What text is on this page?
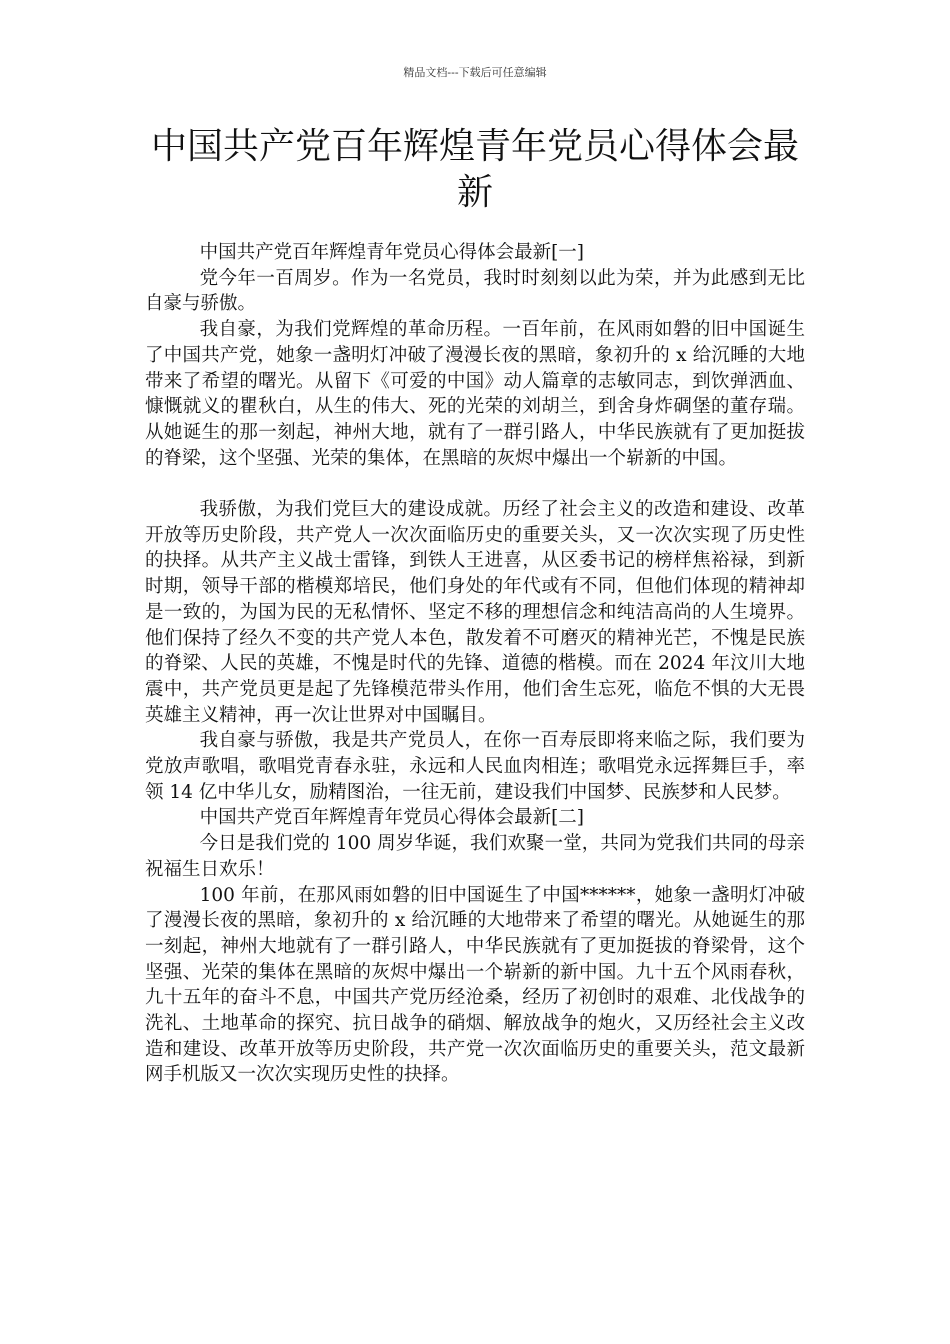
精品文档---下载后可任意编辑
中国共产党百年辉煌青年党员心得体会最新

中国共产党百年辉煌青年党员心得体会最新[一]

党今年一百周岁。作为一名党员，我时时刻刻以此为荣，并为此感到无比自豪与骄傲。

我自豪，为我们党辉煌的革命历程。一百年前，在风雨如磐的旧中国诞生了中国共产党，她象一盏明灯冲破了漫漫长夜的黑暗，象初升的 x 给沉睡的大地带来了希望的曙光。从留下《可爱的中国》动人篇章的志敏同志，到饮弹洒血、慷慨就义的瞿秋白，从生的伟大、死的光荣的刘胡兰，到舍身炸碉堡的董存瑞。从她诞生的那一刻起，神州大地，就有了一群引路人，中华民族就有了更加挺拔的脊梁，这个坚强、光荣的集体，在黑暗的灰烬中爆出一个崭新的中国。

我骄傲，为我们党巨大的建设成就。历经了社会主义的改造和建设、改革开放等历史阶段，共产党人一次次面临历史的重要关头，又一次次实现了历史性的抉择。从共产主义战士雷锋，到铁人王进喜，从区委书记的榜样焦裕禄，到新时期，领导干部的楷模郑培民，他们身处的年代或有不同，但他们体现的精神却是一致的，为国为民的无私情怀、坚定不移的理想信念和纯洁高尚的人生境界。他们保持了经久不变的共产党人本色，散发着不可磨灭的精神光芒，不愧是民族的脊梁、人民的英雄，不愧是时代的先锋、道德的楷模。而在 2024 年汶川大地震中，共产党员更是起了先锋模范带头作用，他们舍生忘死，临危不惧的大无畏英雄主义精神，再一次让世界对中国瞩目。

我自豪与骄傲，我是共产党员人，在你一百寿辰即将来临之际，我们要为党放声歌唱，歌唱党青春永驻，永远和人民血肉相连；歌唱党永远挥舞巨手，率领 14 亿中华儿女，励精图治，一往无前，建设我们中国梦、民族梦和人民梦。

中国共产党百年辉煌青年党员心得体会最新[二]

今日是我们党的 100 周岁华诞，我们欢聚一堂，共同为党我们共同的母亲祝福生日欢乐！

100 年前，在那风雨如磐的旧中国诞生了中国******，她象一盏明灯冲破了漫漫长夜的黑暗，象初升的 x 给沉睡的大地带来了希望的曙光。从她诞生的那一刻起，神州大地就有了一群引路人，中华民族就有了更加挺拔的脊梁骨，这个坚强、光荣的集体在黑暗的灰烬中爆出一个崭新的新中国。九十五个风雨春秋，九十五年的奋斗不息，中国共产党历经沧桑，经历了初创时的艰难、北伐战争的洗礼、土地革命的探究、抗日战争的硝烟、解放战争的炮火，又历经社会主义改造和建设、改革开放等历史阶段，共产党一次次面临历史的重要关头，范文最新网手机版又一次次实现历史性的抉择。
